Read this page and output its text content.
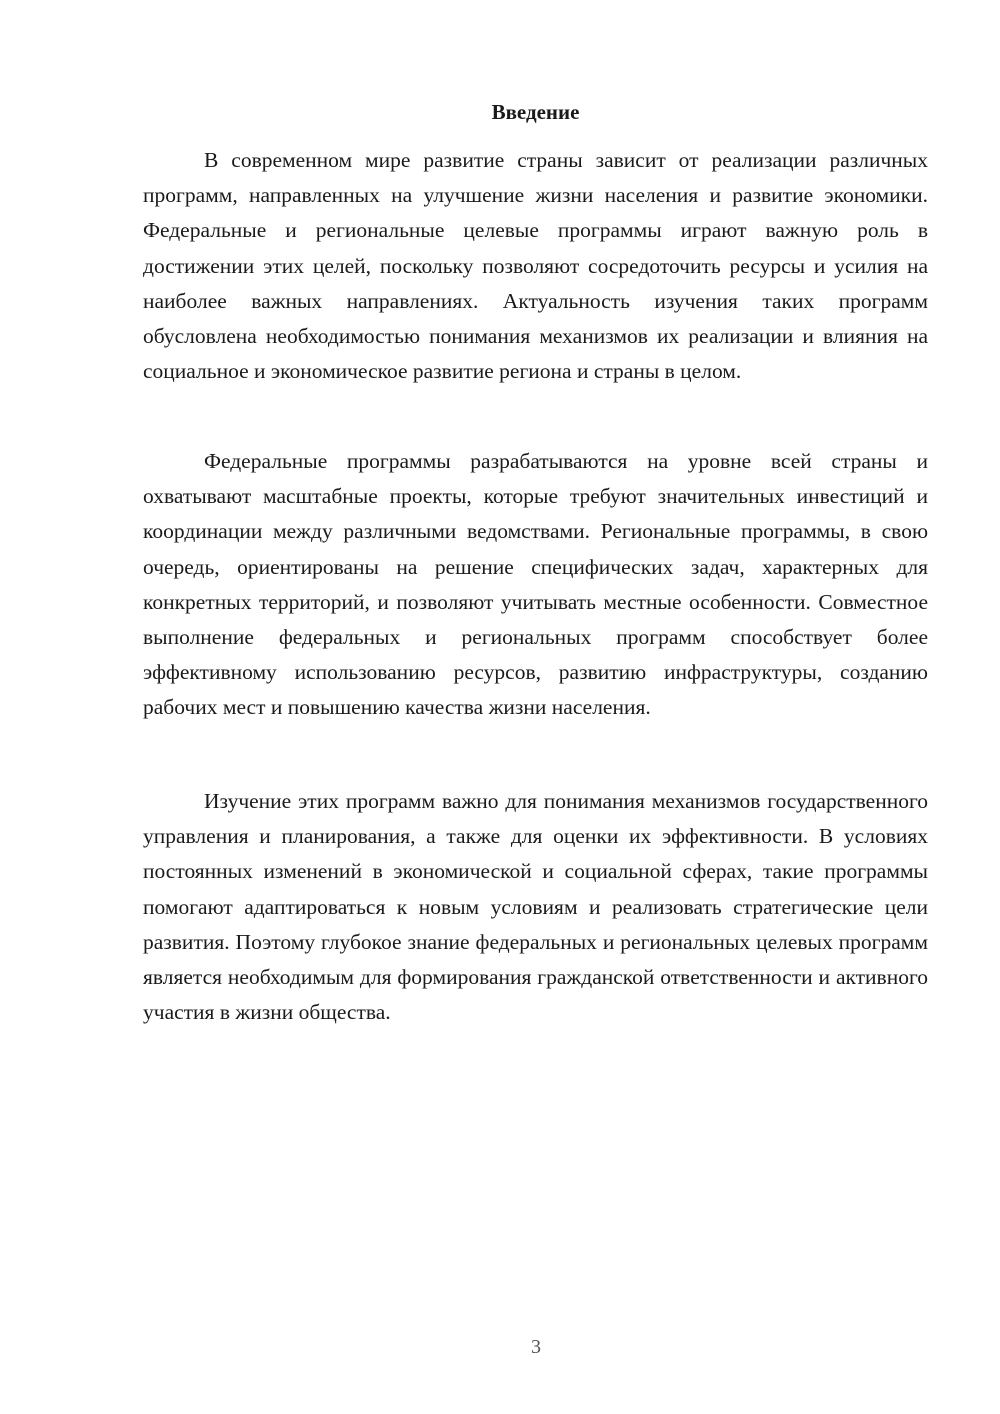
Введение

В современном мире развитие страны зависит от реализации различных программ, направленных на улучшение жизни населения и развитие экономики. Федеральные и региональные целевые программы играют важную роль в достижении этих целей, поскольку позволяют сосредоточить ресурсы и усилия на наиболее важных направлениях. Актуальность изучения таких программ обусловлена необходимостью понимания механизмов их реализации и влияния на социальное и экономическое развитие региона и страны в целом.

Федеральные программы разрабатываются на уровне всей страны и охватывают масштабные проекты, которые требуют значительных инвестиций и координации между различными ведомствами. Региональные программы, в свою очередь, ориентированы на решение специфических задач, характерных для конкретных территорий, и позволяют учитывать местные особенности. Совместное выполнение федеральных и региональных программ способствует более эффективному использованию ресурсов, развитию инфраструктуры, созданию рабочих мест и повышению качества жизни населения.

Изучение этих программ важно для понимания механизмов государственного управления и планирования, а также для оценки их эффективности. В условиях постоянных изменений в экономической и социальной сферах, такие программы помогают адаптироваться к новым условиям и реализовать стратегические цели развития. Поэтому глубокое знание федеральных и региональных целевых программ является необходимым для формирования гражданской ответственности и активного участия в жизни общества.

3
